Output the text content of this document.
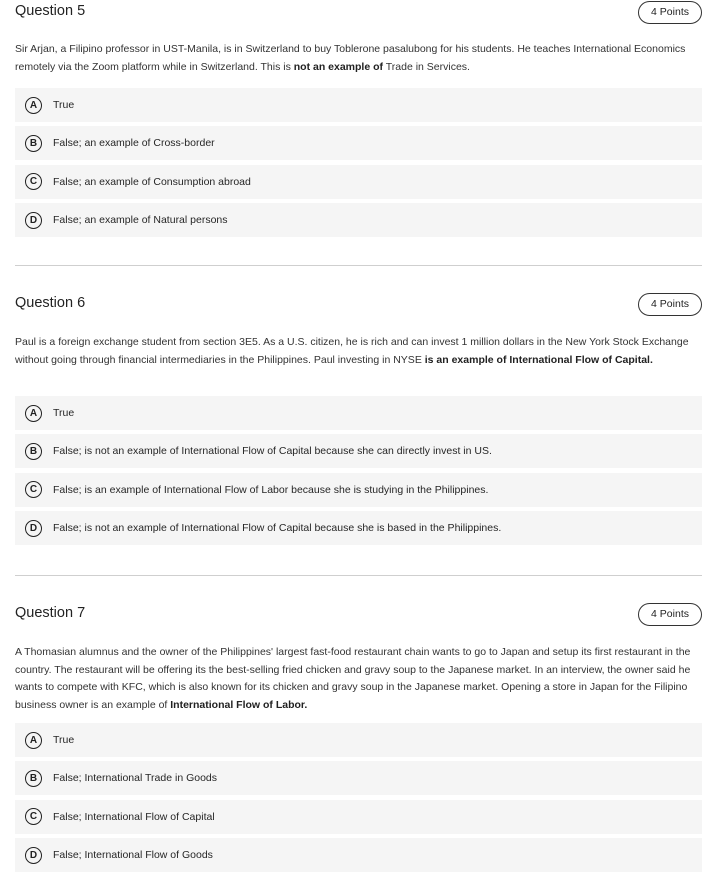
Question 5	4 Points

Sir Arjan, a Filipino professor in UST-Manila, is in Switzerland to buy Toblerone pasalubong for his students. He teaches International Economics remotely via the Zoom platform while in Switzerland. This is not an example of Trade in Services.

A	True
B	False; an example of Cross-border
C	False; an example of Consumption abroad
D	False; an example of Natural persons
Question 6	4 Points

Paul is a foreign exchange student from section 3E5. As a U.S. citizen, he is rich and can invest 1 million dollars in the New York Stock Exchange without going through financial intermediaries in the Philippines. Paul investing in NYSE is an example of International Flow of Capital.

A	True
B	False; is not an example of International Flow of Capital because she can directly invest in US.
C	False; is an example of International Flow of Labor because she is studying in the Philippines.
D	False; is not an example of International Flow of Capital because she is based in the Philippines.
Question 7	4 Points

A Thomasian alumnus and the owner of the Philippines' largest fast-food restaurant chain wants to go to Japan and setup its first restaurant in the country. The restaurant will be offering its the best-selling fried chicken and gravy soup to the Japanese market. In an interview, the owner said he wants to compete with KFC, which is also known for its chicken and gravy soup in the Japanese market. Opening a store in Japan for the Filipino business owner is an example of International Flow of Labor.

A	True
B	False; International Trade in Goods
C	False; International Flow of Capital
D	False; International Flow of Goods
